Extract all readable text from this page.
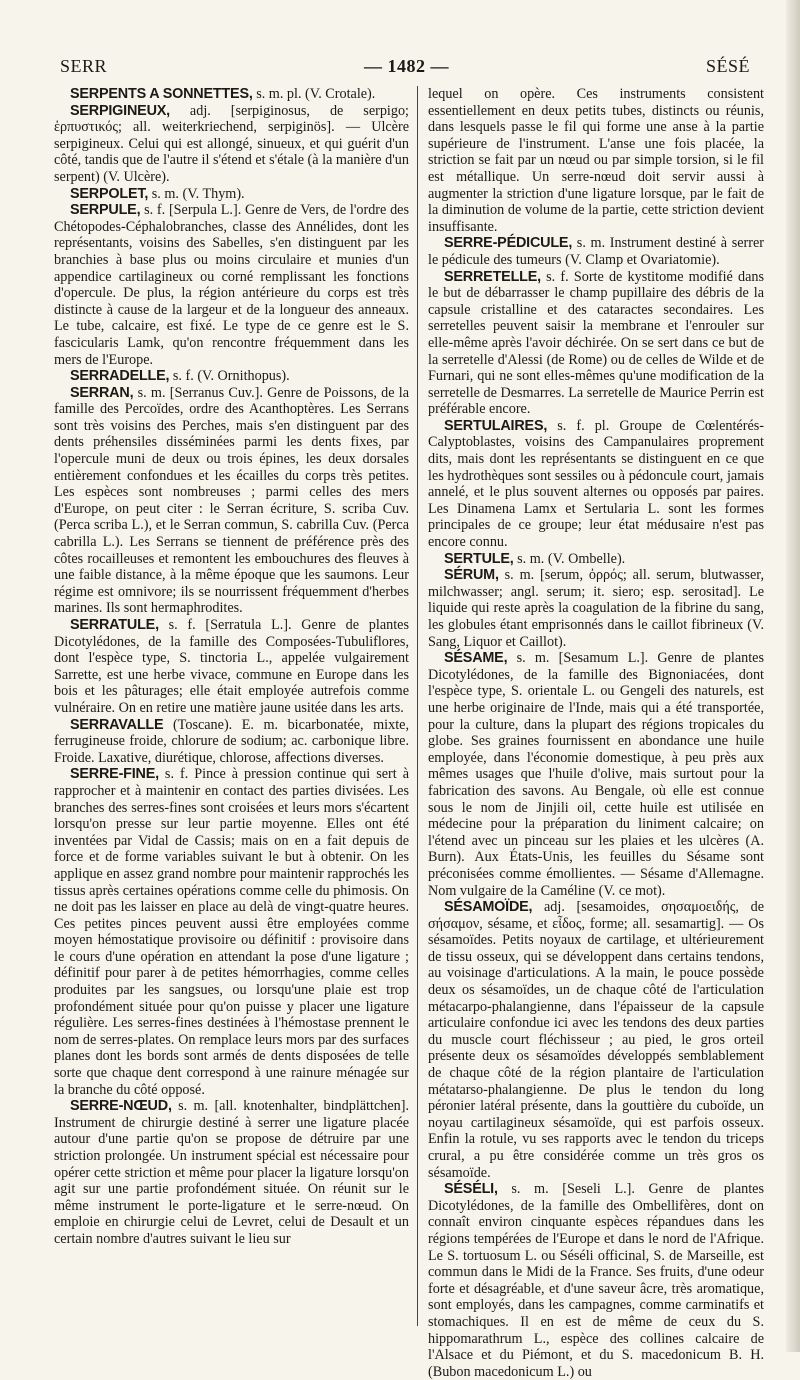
SERR	— 1482 —	SÉSÉ

SERPENTS A SONNETTES, s. m. pl. (V. Crotale).

SERPIGINEUX, adj. [serpiginosus, de serpigo; ἑρπυστικός; all. weiterkriechend, serpiginös]. — Ulcère serpigineux. Celui qui est allongé, sinueux, et qui guérit d'un côté, tandis que de l'autre il s'étend et s'étale (à la manière d'un serpent) (V. Ulcère).

SERPOLET, s. m. (V. Thym).

SERPULE, s. f. [Serpula L.]. Genre de Vers, de l'ordre des Chétopodes-Céphalobranches, classe des Annélides, dont les représentants, voisins des Sabelles, s'en distinguent par les branchies à base plus ou moins circulaire et munies d'un appendice cartilagineux ou corné remplissant les fonctions d'opercule. De plus, la région antérieure du corps est très distincte à cause de la largeur et de la longueur des anneaux. Le tube, calcaire, est fixé. Le type de ce genre est le S. fascicularis Lamk, qu'on rencontre fréquemment dans les mers de l'Europe.

SERRADELLE, s. f. (V. Ornithopus).

SERRAN, s. m. [Serranus Cuv.]. Genre de Poissons, de la famille des Percoïdes, ordre des Acanthoptères. Les Serrans sont très voisins des Perches, mais s'en distinguent par des dents préhensiles disséminées parmi les dents fixes, par l'opercule muni de deux ou trois épines, les deux dorsales entièrement confondues et les écailles du corps très petites. Les espèces sont nombreuses ; parmi celles des mers d'Europe, on peut citer : le Serran écriture, S. scriba Cuv. (Perca scriba L.), et le Serran commun, S. cabrilla Cuv. (Perca cabrilla L.). Les Serrans se tiennent de préférence près des côtes rocailleuses et remontent les embouchures des fleuves à une faible distance, à la même époque que les saumons. Leur régime est omnivore; ils se nourrissent fréquemment d'herbes marines. Ils sont hermaphrodites.

SERRATULE, s. f. [Serratula L.]. Genre de plantes Dicotylédones, de la famille des Composées-Tubuliflores, dont l'espèce type, S. tinctoria L., appelée vulgairement Sarrette, est une herbe vivace, commune en Europe dans les bois et les pâturages; elle était employée autrefois comme vulnéraire. On en retire une matière jaune usitée dans les arts.

SERRAVALLE (Toscane). E. m. bicarbonatée, mixte, ferrugineuse froide, chlorure de sodium; ac. carbonique libre. Froide. Laxative, diurétique, chlorose, affections diverses.

SERRE-FINE, s. f. Pince à pression continue qui sert à rapprocher et à maintenir en contact des parties divisées. Les branches des serres-fines sont croisées et leurs mors s'écartent lorsqu'on presse sur leur partie moyenne. Elles ont été inventées par Vidal de Cassis; mais on en a fait depuis de force et de forme variables suivant le but à obtenir. On les applique en assez grand nombre pour maintenir rapprochés les tissus après certaines opérations comme celle du phimosis. On ne doit pas les laisser en place au delà de vingt-quatre heures. Ces petites pinces peuvent aussi être employées comme moyen hémostatique provisoire ou définitif : provisoire dans le cours d'une opération en attendant la pose d'une ligature ; définitif pour parer à de petites hémorrhagies, comme celles produites par les sangsues, ou lorsqu'une plaie est trop profondément située pour qu'on puisse y placer une ligature régulière. Les serres-fines destinées à l'hémostase prennent le nom de serres-plates. On remplace leurs mors par des surfaces planes dont les bords sont armés de dents disposées de telle sorte que chaque dent correspond à une rainure ménagée sur la branche du côté opposé.

SERRE-NŒUD, s. m. [all. knotenhalter, bindplättchen]. Instrument de chirurgie destiné à serrer une ligature placée autour d'une partie qu'on se propose de détruire par une striction prolongée. Un instrument spécial est nécessaire pour opérer cette striction et même pour placer la ligature lorsqu'on agit sur une partie profondément située. On réunit sur le même instrument le porte-ligature et le serre-nœud. On emploie en chirurgie celui de Levret, celui de Desault et un certain nombre d'autres suivant le lieu sur

lequel on opère. Ces instruments consistent essentiellement en deux petits tubes, distincts ou réunis, dans lesquels passe le fil qui forme une anse à la partie supérieure de l'instrument. L'anse une fois placée, la striction se fait par un nœud ou par simple torsion, si le fil est métallique. Un serre-nœud doit servir aussi à augmenter la striction d'une ligature lorsque, par le fait de la diminution de volume de la partie, cette striction devient insuffisante.

SERRE-PÉDICULE, s. m. Instrument destiné à serrer le pédicule des tumeurs (V. Clamp et Ovariatomie).

SERRETELLE, s. f. Sorte de kystitome modifié dans le but de débarrasser le champ pupillaire des débris de la capsule cristalline et des cataractes secondaires. Les serretelles peuvent saisir la membrane et l'enrouler sur elle-même après l'avoir déchirée. On se sert dans ce but de la serretelle d'Alessi (de Rome) ou de celles de Wilde et de Furnari, qui ne sont elles-mêmes qu'une modification de la serretelle de Desmarres. La serretelle de Maurice Perrin est préférable encore.

SERTULAIRES, s. f. pl. Groupe de Cœlentérés-Calyptoblastes, voisins des Campanulaires proprement dits, mais dont les représentants se distinguent en ce que les hydrothèques sont sessiles ou à pédoncule court, jamais annelé, et le plus souvent alternes ou opposés par paires. Les Dinamena Lamx et Sertularia L. sont les formes principales de ce groupe; leur état médusaire n'est pas encore connu.

SERTULE, s. m. (V. Ombelle).

SÉRUM, s. m. [serum, ὀρρός; all. serum, blutwasser, milchwasser; angl. serum; it. siero; esp. serositad]. Le liquide qui reste après la coagulation de la fibrine du sang, les globules étant emprisonnés dans le caillot fibrineux (V. Sang, Liquor et Caillot).

SÉSAME, s. m. [Sesamum L.]. Genre de plantes Dicotylédones, de la famille des Bignoniacées, dont l'espèce type, S. orientale L. ou Gengeli des naturels, est une herbe originaire de l'Inde, mais qui a été transportée, pour la culture, dans la plupart des régions tropicales du globe. Ses graines fournissent en abondance une huile employée, dans l'économie domestique, à peu près aux mêmes usages que l'huile d'olive, mais surtout pour la fabrication des savons. Au Bengale, où elle est connue sous le nom de Jinjili oil, cette huile est utilisée en médecine pour la préparation du liniment calcaire; on l'étend avec un pinceau sur les plaies et les ulcères (A. Burn). Aux États-Unis, les feuilles du Sésame sont préconisées comme émollientes. — Sésame d'Allemagne. Nom vulgaire de la Caméline (V. ce mot).

SÉSAMOÏDE, adj. [sesamoides, σησαμοειδής, de σήσαμον, sésame, et εἶδος, forme; all. sesamartig]. — Os sésamoïdes. Petits noyaux de cartilage, et ultérieurement de tissu osseux, qui se développent dans certains tendons, au voisinage d'articulations. A la main, le pouce possède deux os sésamoïdes, un de chaque côté de l'articulation métacarpo-phalangienne, dans l'épaisseur de la capsule articulaire confondue ici avec les tendons des deux parties du muscle court fléchisseur ; au pied, le gros orteil présente deux os sésamoïdes développés semblablement de chaque côté de la région plantaire de l'articulation métatarso-phalangienne. De plus le tendon du long péronier latéral présente, dans la gouttière du cuboïde, un noyau cartilagineux sésamoïde, qui est parfois osseux. Enfin la rotule, vu ses rapports avec le tendon du triceps crural, a pu être considérée comme un très gros os sésamoïde.

SÉSÉLI, s. m. [Seseli L.]. Genre de plantes Dicotylédones, de la famille des Ombellifères, dont on connaît environ cinquante espèces répandues dans les régions tempérées de l'Europe et dans le nord de l'Afrique. Le S. tortuosum L. ou Séséli officinal, S. de Marseille, est commun dans le Midi de la France. Ses fruits, d'une odeur forte et désagréable, et d'une saveur âcre, très aromatique, sont employés, dans les campagnes, comme carminatifs et stomachiques. Il en est de même de ceux du S. hippomarathrum L., espèce des collines calcaire de l'Alsace et du Piémont, et du S. macedonicum B. H. (Bubon macedonicum L.) ou
